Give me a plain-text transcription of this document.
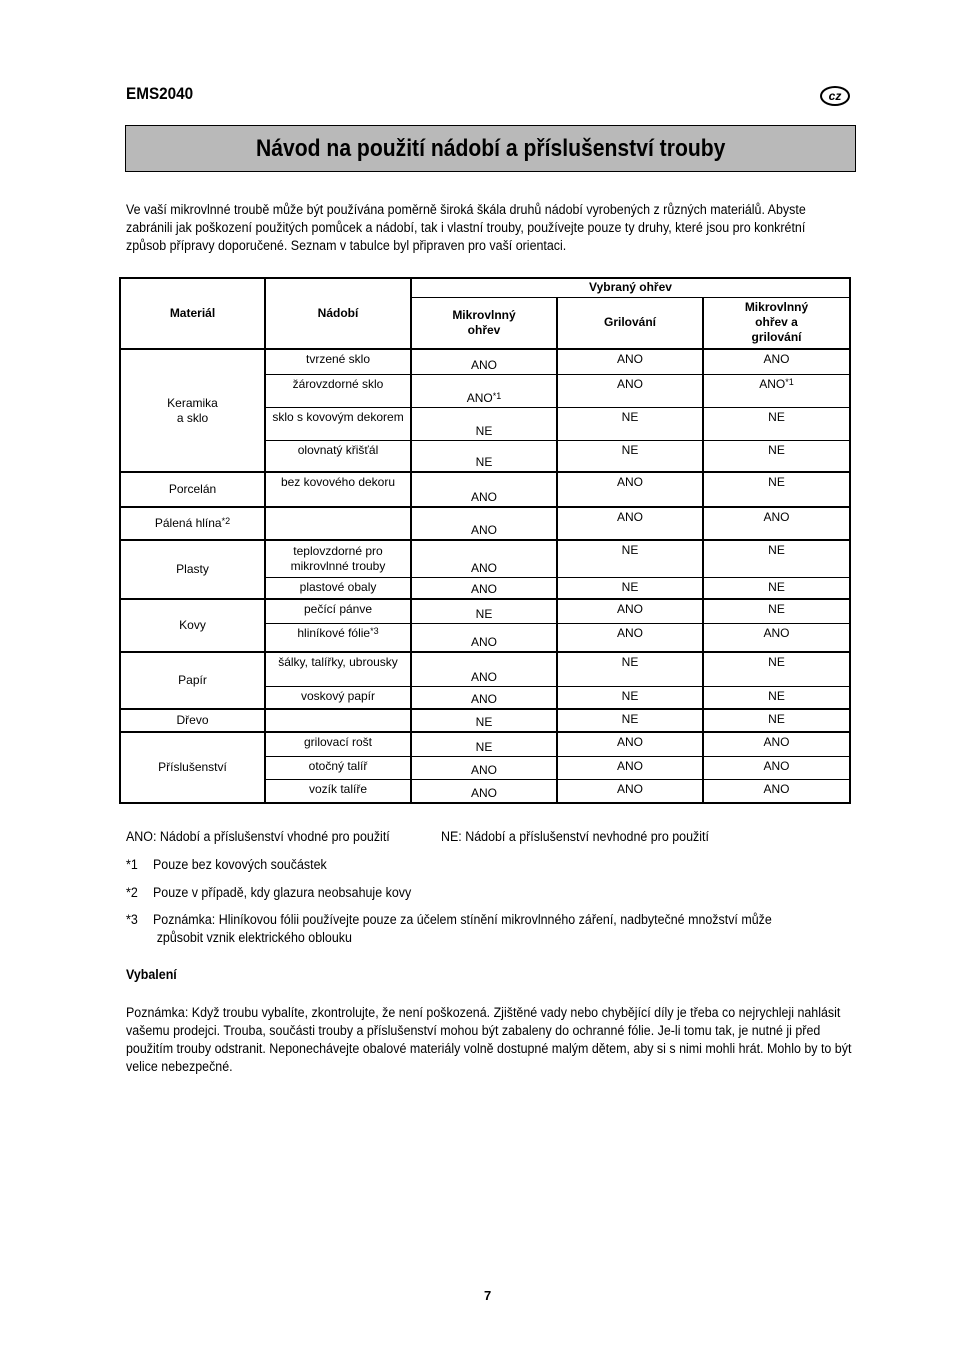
EMS2040	cz
Návod na použití nádobí a příslušenství trouby

Ve vaší mikrovlnné troubě může být používána poměrně široká škála druhů nádobí vyrobených z různých materiálů. Abyste zabránili jak poškození použitých pomůcek a nádobí, tak i vlastní trouby, používejte pouze ty druhy, které jsou pro konkrétní způsob přípravy doporučené. Seznam v tabulce byl připraven pro vaší orientaci.

Materiál	Nádobí	Vybraný ohřev		
		Mikrovlnný ohřev	Grilování	Mikrovlnný ohřev a grilování
Keramika a sklo	tvrzené sklo	ANO	ANO	ANO
	žárovzdorné sklo	ANO$^{*1}$	ANO	ANO$^{*1}$
	sklo s kovovým dekorem	NE	NE	NE
	olovnatý křišťál	NE	NE	NE
Porcelán	bez kovového dekoru	ANO	ANO	NE
Pálená hlína$^{*2}$		ANO	ANO	ANO
Plasty	teplovzdorné pro mikrovlnné trouby	ANO	NE	NE
	plastové obaly	ANO	NE	NE
Kovy	pečící pánve	NE	ANO	NE
	hliníkové fólie$^{*3}$	ANO	ANO	ANO
Papír	šálky, talířky, ubrousky	ANO	NE	NE
	voskový papír	ANO	NE	NE
Dřevo		NE	NE	NE
Příslušenství	grilovací rošt	NE	ANO	ANO
	otočný talíř	ANO	ANO	ANO
	vozík talíře	ANO	ANO	ANO
ANO: Nádobí a příslušenství vhodné pro použití	NE: Nádobí a příslušenství nevhodné pro použití
*1 Pouze bez kovových součástek
*2 Pouze v případě, kdy glazura neobsahuje kovy
*3 Poznámka: Hliníkovou fólii používejte pouze za účelem stínění mikrovlnného záření, nadbytečné množství může
způsobit vznik elektrického oblouku
Vybalení

Poznámka: Když troubu vybalíte, zkontrolujte, že není poškozená. Zjištěné vady nebo chybějící díly je třeba co nejrychleji nahlásit vašemu prodejci. Trouba, součásti trouby a příslušenství mohou být zabaleny do ochranné fólie. Je-li tomu tak, je nutné ji před použitím trouby odstranit. Neponechávejte obalové materiály volně dostupné malým dětem, aby si s nimi mohli hrát. Mohlo by to být velice nebezpečné.

7
